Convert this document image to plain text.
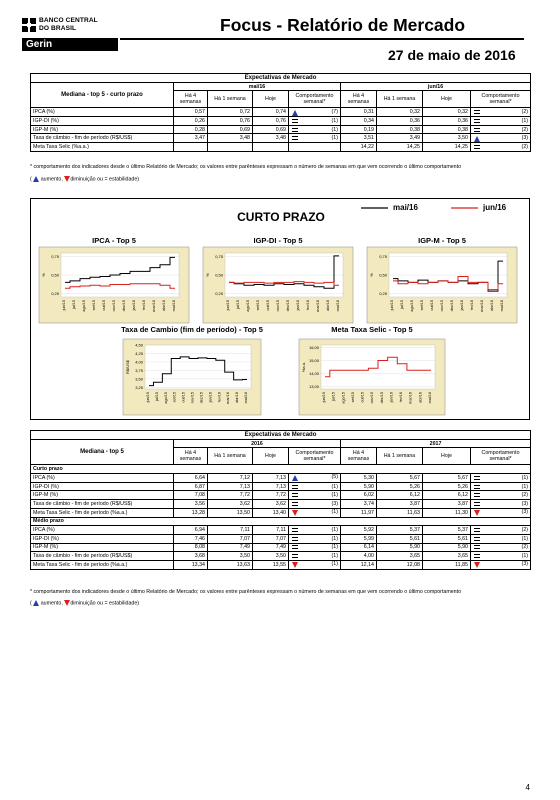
BANCO CENTRAL
DO BRASIL
Gerin
Focus - Relatório de Mercado
27 de maio de 2016
Expectativas de Mercado								
Mediana - top 5 - curto prazo	mai/16				jun/16			
	Há 4 semanas	Há 1 semana	Hoje	Comportamento semanal*	Há 4 semanas	Há 1 semana	Hoje	Comportamento semanal*
IPCA (%)	0,57	0,72	0,74	(7)	0,31	0,32	0,32	(2)

IGP-DI (%)	0,26	0,76	0,76	(1)	0,34	0,36	0,36	(1)

IGP-M (%)	0,28	0,69	0,69	(1)	0,19	0,38	0,38	(2)

Taxa de câmbio - fim de período (R$/US$)	3,47	3,48	3,48	(1)	3,51	3,49	3,50	(3)

Meta Taxa Selic (%a.a.)					14,22	14,25	14,25	(2)
* comportamento dos indicadores desde o último Relatório de Mercado; os valores entre parênteses expressam o número de semanas em que vem ocorrendo o último comportamento
(  aumento, diminuição ou = estabilidade)
CURTO PRAZO
mai/16	jun/16
IPCA - Top 5
0,75
0,50
0,25
%
jun/15 jul/15 ago/15 set/15 out/15 nov/15 dez/15 jan/16 fev/16 mar/16 abr/16 mai/16
IGP-DI - Top 5
0,75
0,50
0,25
%
jun/15 jul/15 ago/15 set/15 out/15 nov/15 dez/15 jan/16 fev/16 mar/16 abr/16 mai/16
IGP-M - Top 5
0,75
0,50
0,25
%
jun/15 jul/15 ago/15 set/15 out/15 nov/15 dez/15 jan/16 fev/16 mar/16 abr/16 mai/16
Taxa de Cambio (fim de período) - Top 5
4,50
4,25
4,00
3,75
3,50
3,25
R$/US$
jun/15 jul/15 ago/15 set/15 out/15 nov/15 dez/15 jan/16 fev/16 mar/16 abr/16 mai/16
Meta Taxa Selic - Top 5
16,00
15,00
14,00
13,00
%a.a.
jun/15 jul/15 ago/15 set/15 out/15 nov/15 dez/15 jan/16 fev/16 mar/16 abr/16 mai/16
Expectativas de Mercado								
Mediana - top 5	2016				2017			
	Há 4 semanas	Há 1 semana	Hoje	Comportamento semanal*	Há 4 semanas	Há 1 semana	Hoje	Comportamento semanal*
Curto prazo								
IPCA (%)	6,64	7,12	7,13	(5)	5,30	5,67	5,67	(1)

IGP-DI (%)	6,87	7,13	7,13	(1)	5,90	5,26	5,26	(1)

IGP-M (%)	7,08	7,72	7,72	(1)	6,02	6,12	6,12	(2)

Taxa de câmbio - fim de período (R$/US$)	3,56	3,62	3,62	(3)	3,74	3,87	3,87	(3)

Meta Taxa Selic - fim de período (%a.a.)	13,28	13,50	13,40	(1)	11,97	11,63	11,30	(3)

Médio prazo								
IPCA (%)	6,94	7,11	7,11	(1)	5,92	5,37	5,37	(2)

IGP-DI (%)	7,46	7,07	7,07	(1)	5,99	5,61	5,61	(1)

IGP-M (%)	8,08	7,49	7,49	(1)	6,14	5,90	5,90	(2)

Taxa de câmbio - fim de período (R$/US$)	3,68	3,50	3,50	(1)	4,00	3,65	3,65	(1)

Meta Taxa Selic - fim de período (%a.a.)	13,34	13,63	13,55	(1)	12,14	12,08	11,85	(3)
* comportamento dos indicadores desde o último Relatório de Mercado; os valores entre parênteses expressam o número de semanas em que vem ocorrendo o último comportamento
(  aumento, diminuição ou = estabilidade)
4
